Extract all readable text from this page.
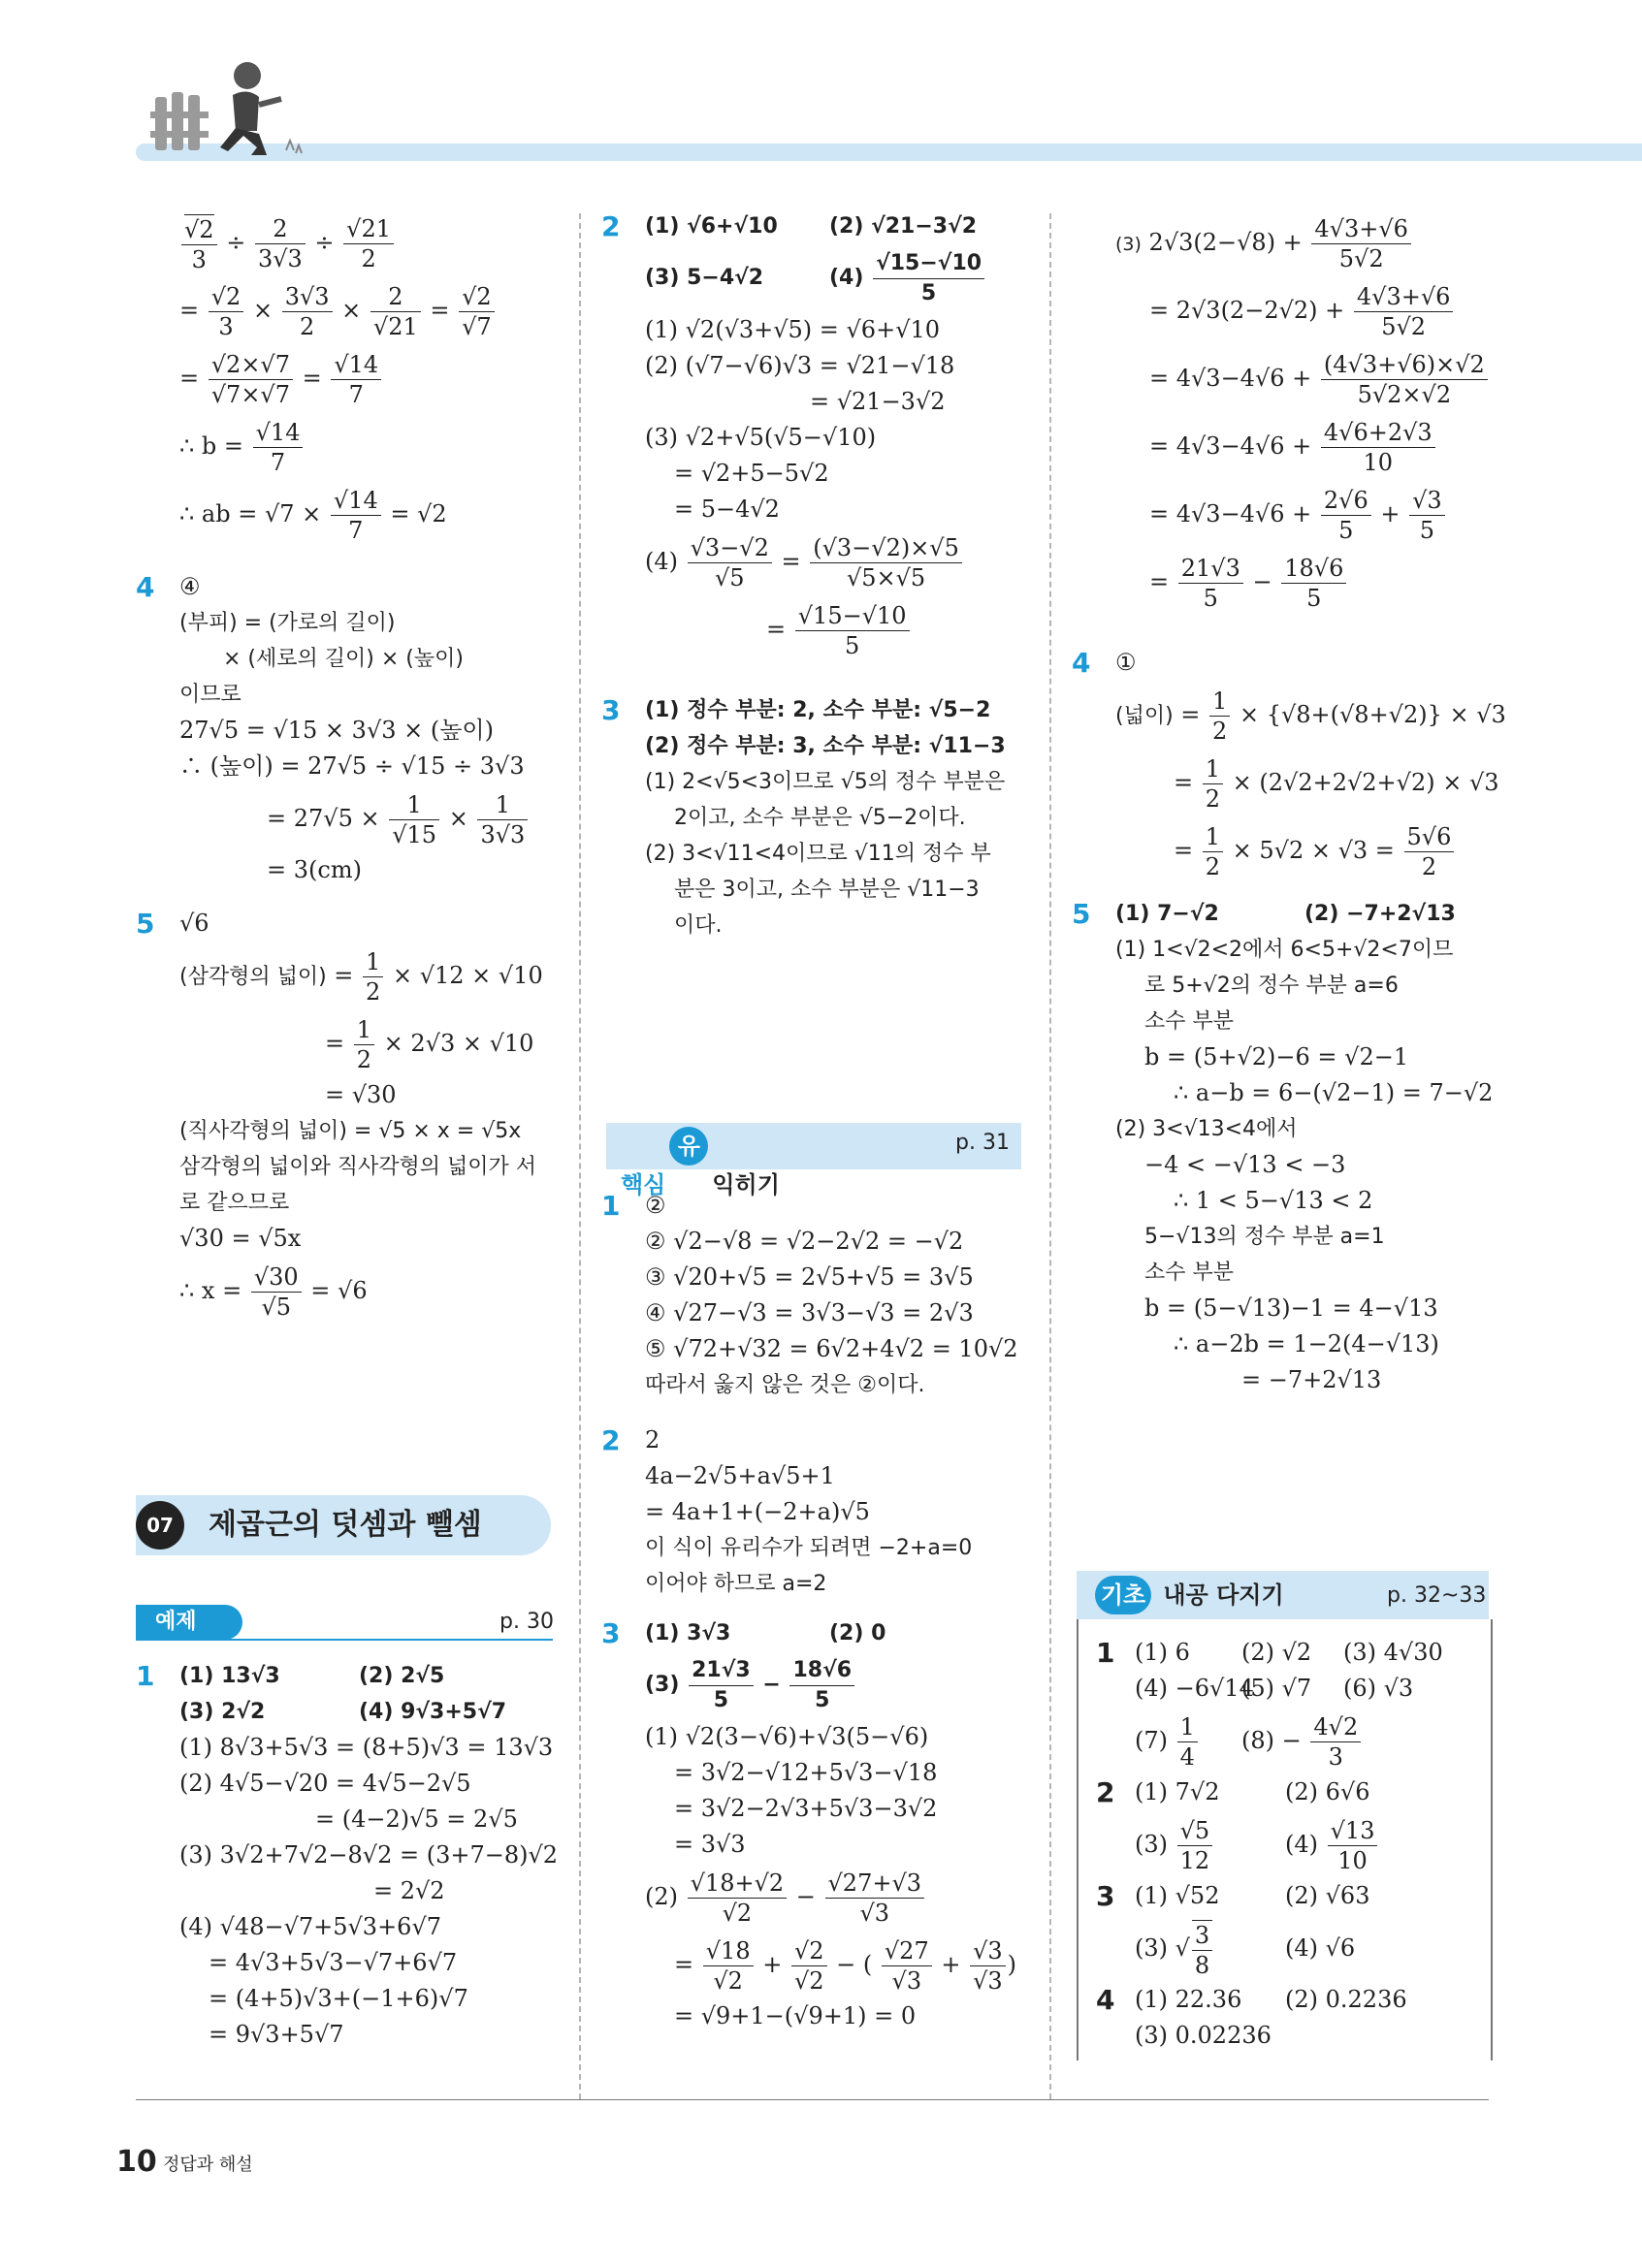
$\frac{√2}{3} \div \frac{2}{3√3} \div \frac{√21}{2}$
= $\frac{√2}{3} \times \frac{3√3}{2} \times \frac{2}{√21} = \frac{√2}{√7}$
= $\frac{√2\times√7}{√7\times√7} = \frac{√14}{7}$
∴ $b = \frac{√14}{7}$
∴ ab = $√7 \times \frac{√14}{7} = √2$
4 ④
(부피) = (가로의 길이)
× (세로의 길이) × (높이)
이므로
27√5 = √15 × 3√3 × (높이)
∴ (높이) = 27√5 ÷ √15 ÷ 3√3
= $27√5 \times \frac{1}{√15} \times \frac{1}{3√3}$
= 3(cm)
5 √6
(삼각형의 넓이) = $\frac{1}{2} \times √12 \times √10$
= $\frac{1}{2} \times 2√3 \times √10$
= √30
(직사각형의 넓이) = √5 × x = √5x
삼각형의 넓이와 직사각형의 넓이가 서
로 같으므로
√30 = √5x
∴ $x = \frac{√30}{√5} = √6$
07	제곱근의 덧셈과 뺄셈
예제	p. 30
1 (1) 13√3	(2) 2√5
(3) 2√2	(4) 9√3+5√7
(1) 8√3+5√3 = (8+5)√3 = 13√3
(2) 4√5−√20 = 4√5−2√5
= (4−2)√5 = 2√5
(3) 3√2+7√2−8√2 = (3+7−8)√2
= 2√2
(4) √48−√7+5√3+6√7
= 4√3+5√3−√7+6√7
= (4+5)√3+(−1+6)√7
= 9√3+5√7
2 (1) √6+√10 (2) √21−3√2
(3) 5−4√2	$(4) \frac{√15-√10}{5}$
(1) √2(√3+√5) = √6+√10
(2) (√7−√6)√3 = √21−√18
= √21−3√2
(3) √2+√5(√5−√10)
= √2+5−5√2
= 5−4√2
$(4) \frac{√3-√2}{√5} = \frac{(√3-√2)\times√5}{√5\times√5}$
= $\frac{√15-√10}{5}$
3 (1) 정수 부분: 2, 소수 부분: √5−2
(2) 정수 부분: 3, 소수 부분: √11−3
(1) 2<√5<3이므로 √5의 정수 부분은
2이고, 소수 부분은 √5−2이다.
(2) 3<√11<4이므로 √11의 정수 부
분은 3이고, 소수 부분은 √11−3
이다.
핵심유형 익히기
p. 31
1 ②
② √2−√8 = √2−2√2 = −√2
③ √20+√5 = 2√5+√5 = 3√5
④ √27−√3 = 3√3−√3 = 2√3
⑤ √72+√32 = 6√2+4√2 = 10√2
따라서 옳지 않은 것은 ②이다.
2 2
4a−2√5+a√5+1
= 4a+1+(−2+a)√5
이 식이 유리수가 되려면 −2+a=0
이어야 하므로 a=2
3 (1) 3√3	(2) 0
$(3) \frac{21√3}{5} - \frac{18√6}{5}$
(1) √2(3−√6)+√3(5−√6)
= 3√2−√12+5√3−√18
= 3√2−2√3+5√3−3√2
= 3√3
$(2) \frac{√18+√2}{√2} - \frac{√27+√3}{√3}$
= $\frac{√18}{√2} + \frac{√2}{√2}$ − ( $\frac{√27}{√3} + \frac{√3}{√3}$ )
= √9+1−(√9+1) = 0
(3) $2√3(2-√8) + \frac{4√3+√6}{5√2}$
= $2√3(2-2√2) + \frac{4√3+√6}{5√2}$
= $4√3-4√6 + \frac{(4√3+√6)\times√2}{5√2\times√2}$
= $4√3-4√6 + \frac{4√6+2√3}{10}$
= $4√3-4√6 + \frac{2√6}{5} + \frac{√3}{5}$
= $\frac{21√3}{5} - \frac{18√6}{5}$
4 ①
(넓이) = $\frac{1}{2} \times \{√8+(√8+√2)\} \times √3$
= $\frac{1}{2} \times (2√2+2√2+√2) \times √3$
= $\frac{1}{2} \times 5√2 \times √3 = \frac{5√6}{2}$
5 (1) 7−√2	(2) −7+2√13
(1) 1<√2<2에서 6<5+√2<7이므
로 5+√2의 정수 부분 a=6
소수 부분
b = (5+√2)−6 = √2−1
∴ a−b = 6−(√2−1) = 7−√2
(2) 3<√13<4에서
−4 < −√13 < −3
∴ 1 < 5−√13 < 2
5−√13의 정수 부분 a=1
소수 부분
b = (5−√13)−1 = 4−√13
∴ a−2b = 1−2(4−√13)
= −7+2√13
기초 내공 다지기	p. 32~33
1 (1) 6 (2) √2 (3) 4√30
(4) −6√14
(5) √7 (6) √3
$(7) \frac{1}{4} (8) - \frac{4√2}{3}$
2 (1) 7√2	(2) 6√6
$(3) \frac{√5}{12}$	$(4) \frac{√13}{10}$
3 (1) √52	(2) √63
(3) √ $\frac{3}{8}$	(4) √6
4 (1) 22.36 (2) 0.2236
(3) 0.02236
10 정답과 해설
